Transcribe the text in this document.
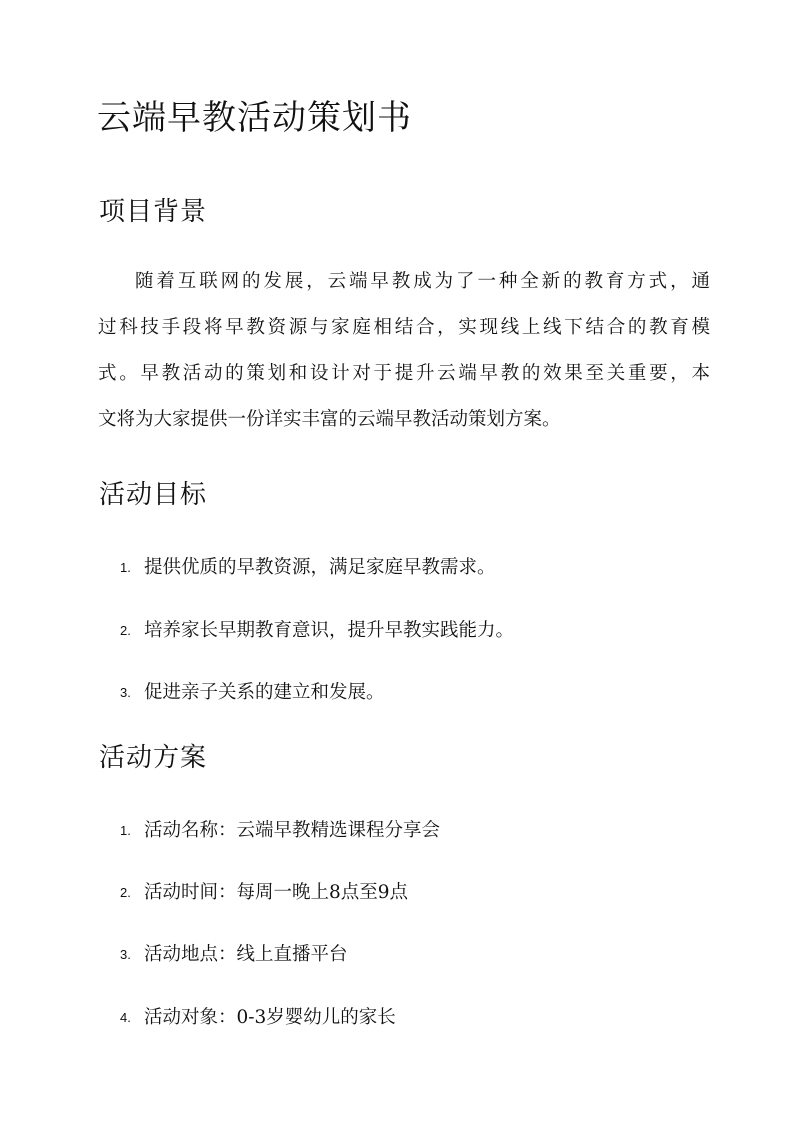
云端早教活动策划书
项目背景
随着互联网的发展，云端早教成为了一种全新的教育方式，通
过科技手段将早教资源与家庭相结合，实现线上线下结合的教育模
式。早教活动的策划和设计对于提升云端早教的效果至关重要，本
文将为大家提供一份详实丰富的云端早教活动策划方案。
活动目标
1. 提供优质的早教资源，满足家庭早教需求。
2. 培养家长早期教育意识，提升早教实践能力。
3. 促进亲子关系的建立和发展。
活动方案
1. 活动名称：云端早教精选课程分享会
2. 活动时间：每周一晚上8点至9点
3. 活动地点：线上直播平台
4. 活动对象：0-3岁婴幼儿的家长
